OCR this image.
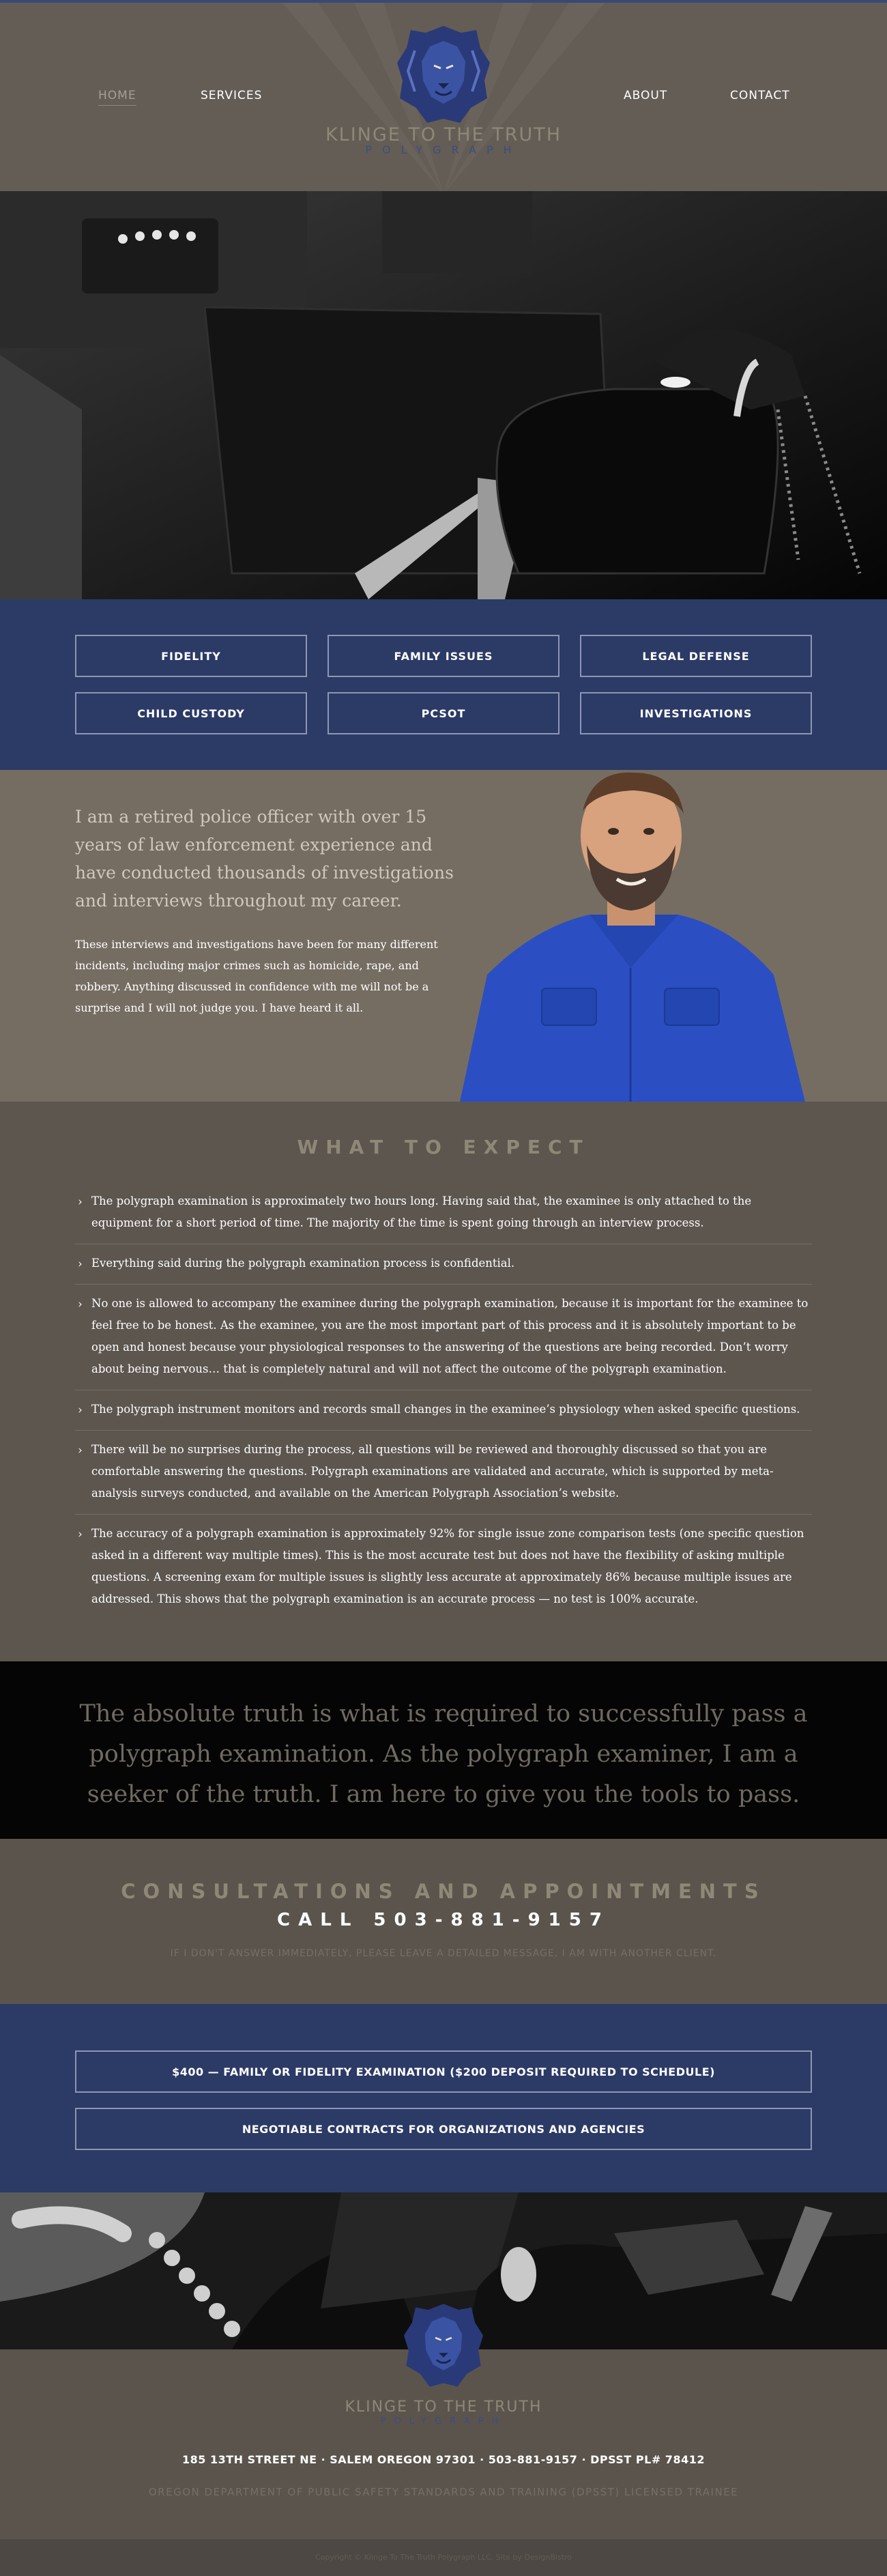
HOME	SERVICES	ABOUT	CONTACT
KLINGE TO THE TRUTH
POLYGRAPH
FIDELITY	FAMILY ISSUES	LEGAL DEFENSE
CHILD CUSTODY	PCSOT	INVESTIGATIONS

I am a retired police officer with over 15 years of law enforcement experience and have conducted thousands of investigations and interviews throughout my career.

These interviews and investigations have been for many different incidents, including major crimes such as homicide, rape, and robbery. Anything discussed in confidence with me will not be a surprise and I will not judge you. I have heard it all.

WHAT TO EXPECT
› The polygraph examination is approximately two hours long. Having said that, the examinee is only attached to the equipment for a short period of time. The majority of the time is spent going through an interview process.
› Everything said during the polygraph examination process is confidential.
› No one is allowed to accompany the examinee during the polygraph examination, because it is important for the examinee to feel free to be honest. As the examinee, you are the most important part of this process and it is absolutely important to be open and honest because your physiological responses to the answering of the questions are being recorded. Don’t worry about being nervous… that is completely natural and will not affect the outcome of the polygraph examination.
› The polygraph instrument monitors and records small changes in the examinee’s physiology when asked specific questions.
› There will be no surprises during the process, all questions will be reviewed and thoroughly discussed so that you are comfortable answering the questions. Polygraph examinations are validated and accurate, which is supported by meta-analysis surveys conducted, and available on the American Polygraph Association’s website.
› The accuracy of a polygraph examination is approximately 92% for single issue zone comparison tests (one specific question asked in a different way multiple times). This is the most accurate test but does not have the flexibility of asking multiple questions. A screening exam for multiple issues is slightly less accurate at approximately 86% because multiple issues are addressed. This shows that the polygraph examination is an accurate process — no test is 100% accurate.

The absolute truth is what is required to successfully pass a polygraph examination. As the polygraph examiner, I am a seeker of the truth. I am here to give you the tools to pass.

CONSULTATIONS AND APPOINTMENTS
CALL 503-881-9157

IF I DON'T ANSWER IMMEDIATELY, PLEASE LEAVE A DETAILED MESSAGE, I AM WITH ANOTHER CLIENT.

$400 — FAMILY OR FIDELITY EXAMINATION ($200 DEPOSIT REQUIRED TO SCHEDULE)
NEGOTIABLE CONTRACTS FOR ORGANIZATIONS AND AGENCIES
KLINGE TO THE TRUTH
POLYGRAPH
185 13TH STREET NE · SALEM OREGON 97301 · 503-881-9157 · DPSST PL# 78412
OREGON DEPARTMENT OF PUBLIC SAFETY STANDARDS AND TRAINING (DPSST) LICENSED TRAINEE
Copyright © Klinge To The Truth Polygraph LLC. Site by DesignBistro
